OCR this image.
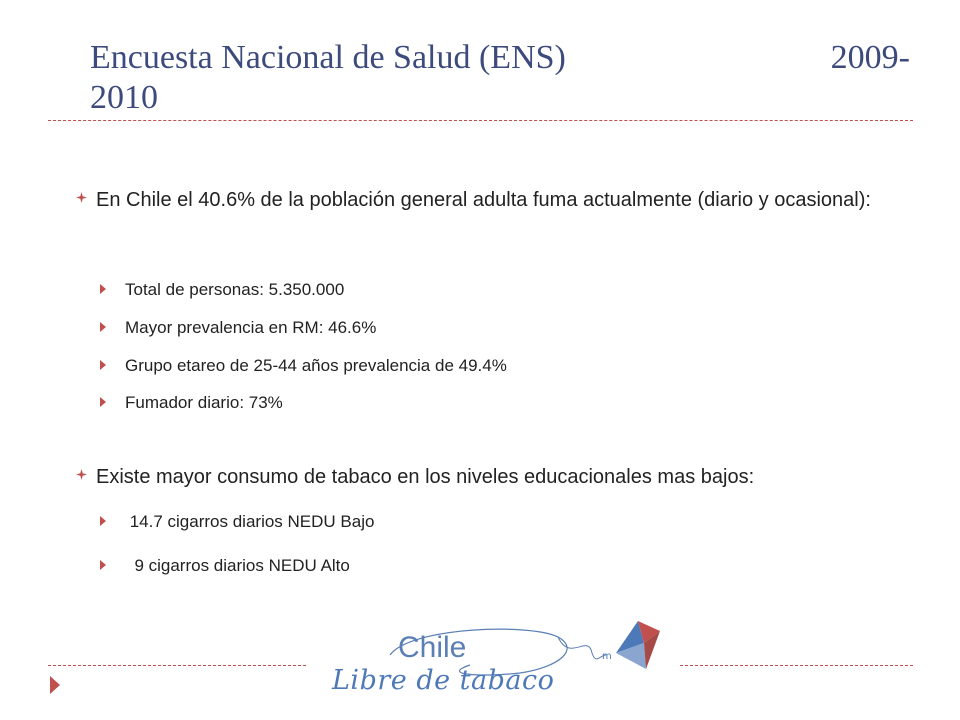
Encuesta Nacional de Salud (ENS)	2009-
2010
En Chile el 40.6% de la población general adulta fuma actualmente (diario y ocasional):
Total de personas: 5.350.000
Mayor prevalencia en RM: 46.6%
Grupo etareo de 25-44 años prevalencia de 49.4%
Fumador diario: 73%
Existe mayor consumo de tabaco en los niveles educacionales mas bajos:
14.7 cigarros diarios NEDU Bajo
9 cigarros diarios NEDU Alto
m
Chile
Libre de tabaco
